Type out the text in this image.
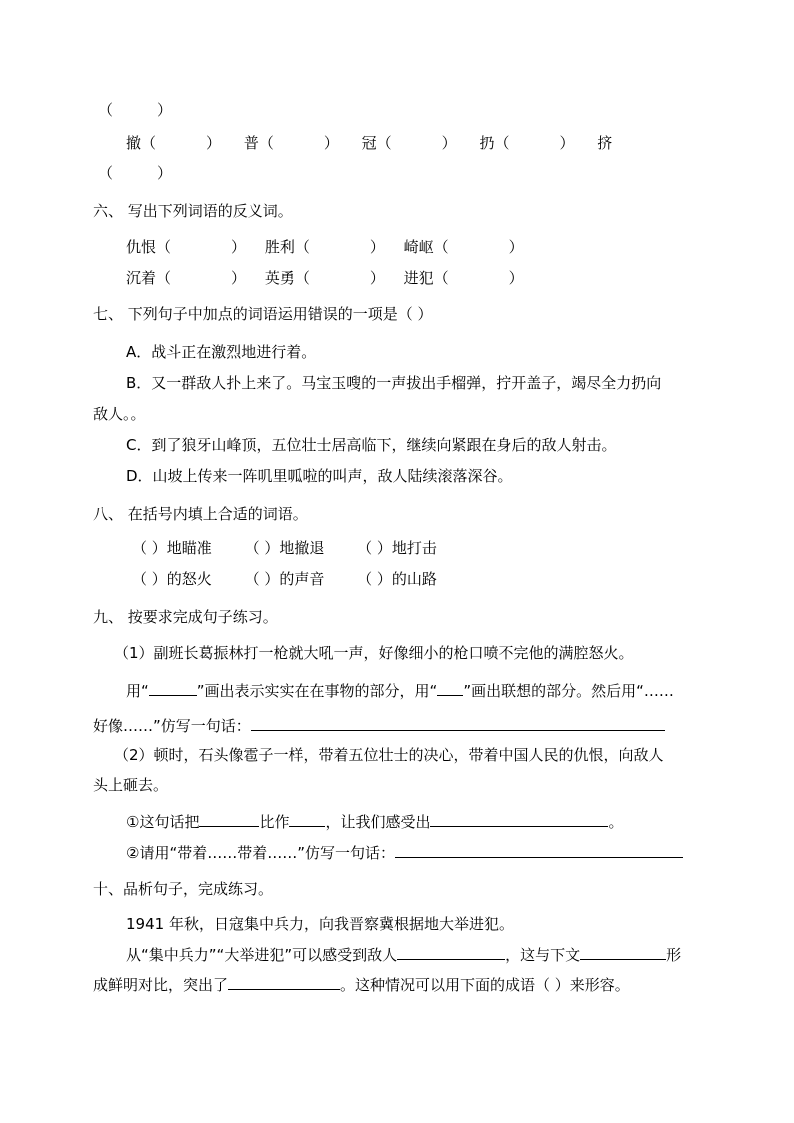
（	）
撤（	） 普（	） 冠（	） 扔（	） 挤
（	）
六、 写出下列词语的反义词。
仇恨（	） 胜利（	） 崎岖（	）
沉着（	） 英勇（	） 进犯（	）
七、 下列句子中加点的词语运用错误的一项是（ ）
A．战斗正在激烈地进行着。
B．又一群敌人扑上来了。马宝玉嗖的一声拔出手榴弹，拧开盖子，竭尽全力扔向
敌人。。
C．到了狼牙山峰顶，五位壮士居高临下，继续向紧跟在身后的敌人射击。
D．山坡上传来一阵叽里呱啦的叫声，敌人陆续滚落深谷。
八、 在括号内填上合适的词语。
（ ）地瞄准 （ ）地撤退 （ ）地打击
（ ）的怒火 （ ）的声音 （ ）的山路
九、 按要求完成句子练习。
（1）副班长葛振林打一枪就大吼一声，好像细小的枪口喷不完他的满腔怒火。
用“	”画出表示实实在在事物的部分，用“ ”画出联想的部分。然后用“……
好像……”仿写一句话：
（2）顿时，石头像雹子一样，带着五位壮士的决心，带着中国人民的仇恨，向敌人
头上砸去。
①这句话把	比作 ，让我们感受出	。
②请用“带着……带着……”仿写一句话：
十、品析句子，完成练习。
1941 年秋，日寇集中兵力，向我晋察冀根据地大举进犯。
从“集中兵力”“大举进犯”可以感受到敌人	，这与下文	形
成鲜明对比，突出了	。这种情况可以用下面的成语（ ）来形容。
